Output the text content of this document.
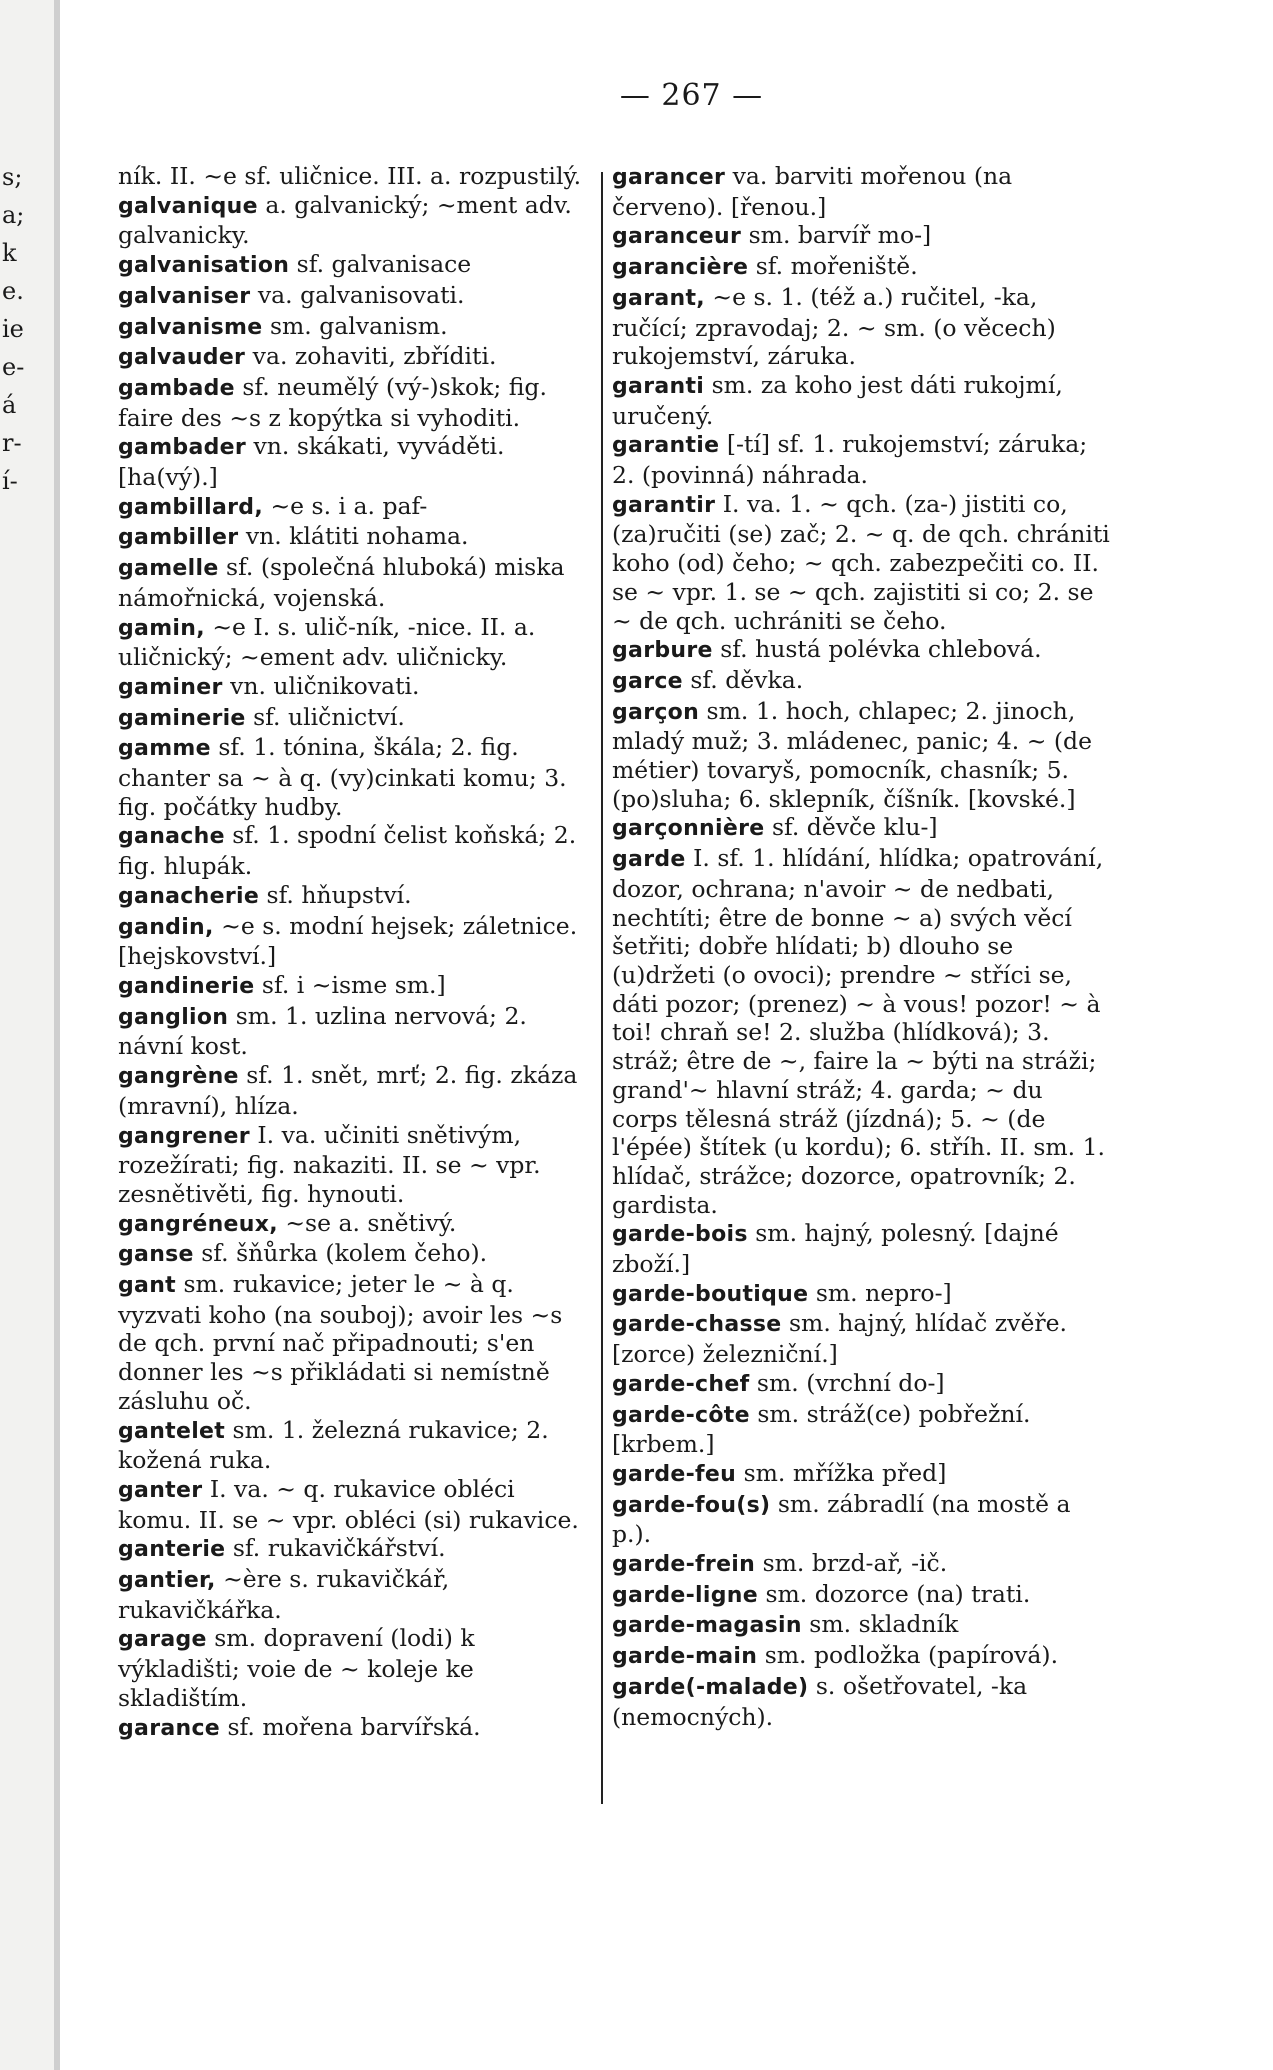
s;
a;
k
e.
ie
e-
á
r-
í-
— 267 —

ník. II. ~e sf. uličnice. III. a. rozpustilý.

galvanique a. galvanický; ~ment adv. galvanicky.

galvanisation sf. galvanisace

galvaniser va. galvanisovati.

galvanisme sm. galvanism.

galvauder va. zohaviti, zbříditi.

gambade sf. neumělý (vý-)skok; fig. faire des ~s z kopýtka si vyhoditi.

gambader vn. skákati, vyváděti. [ha(vý).]

gambillard, ~e s. i a. paf-

gambiller vn. klátiti nohama.

gamelle sf. (společná hluboká) miska námořnická, vojenská.

gamin, ~e I. s. ulič-ník, -nice. II. a. uličnický; ~ement adv. uličnicky.

gaminer vn. uličnikovati.

gaminerie sf. uličnictví.

gamme sf. 1. tónina, škála; 2. fig. chanter sa ~ à q. (vy)cinkati komu; 3. fig. počátky hudby.

ganache sf. 1. spodní čelist koňská; 2. fig. hlupák.

ganacherie sf. hňupství.

gandin, ~e s. modní hejsek; záletnice. [hejskovství.]

gandinerie sf. i ~isme sm.]

ganglion sm. 1. uzlina nervová; 2. návní kost.

gangrène sf. 1. snět, mrť; 2. fig. zkáza (mravní), hlíza.

gangrener I. va. učiniti snětivým, rozežírati; fig. nakaziti. II. se ~ vpr. zesnětivěti, fig. hynouti.

gangréneux, ~se a. snětivý.

ganse sf. šňůrka (kolem čeho).

gant sm. rukavice; jeter le ~ à q. vyzvati koho (na souboj); avoir les ~s de qch. první nač připadnouti; s'en donner les ~s přikládati si nemístně zásluhu oč.

gantelet sm. 1. železná rukavice; 2. kožená ruka.

ganter I. va. ~ q. rukavice obléci komu. II. se ~ vpr. obléci (si) rukavice.

ganterie sf. rukavičkářství.

gantier, ~ère s. rukavičkář, rukavičkářka.

garage sm. dopravení (lodi) k výkladišti; voie de ~ koleje ke skladištím.

garance sf. mořena barvířská.

garancer va. barviti mořenou (na červeno). [řenou.]

garanceur sm. barvíř mo-]

garancière sf. mořeniště.

garant, ~e s. 1. (též a.) ručitel, -ka, ručící; zpravodaj; 2. ~ sm. (o věcech) rukojemství, záruka.

garanti sm. za koho jest dáti rukojmí, uručený.

garantie [-tí] sf. 1. rukojemství; záruka; 2. (povinná) náhrada.

garantir I. va. 1. ~ qch. (za-) jistiti co, (za)ručiti (se) zač; 2. ~ q. de qch. chrániti koho (od) čeho; ~ qch. zabezpečiti co. II. se ~ vpr. 1. se ~ qch. zajistiti si co; 2. se ~ de qch. uchrániti se čeho.

garbure sf. hustá polévka chlebová.

garce sf. děvka.

garçon sm. 1. hoch, chlapec; 2. jinoch, mladý muž; 3. mládenec, panic; 4. ~ (de métier) tovaryš, pomocník, chasník; 5. (po)sluha; 6. sklepník, číšník. [kovské.]

garçonnière sf. děvče klu-]

garde I. sf. 1. hlídání, hlídka; opatrování, dozor, ochrana; n'avoir ~ de nedbati, nechtíti; être de bonne ~ a) svých věcí šetřiti; dobře hlídati; b) dlouho se (u)držeti (o ovoci); prendre ~ stříci se, dáti pozor; (prenez) ~ à vous! pozor! ~ à toi! chraň se! 2. služba (hlídková); 3. stráž; être de ~, faire la ~ býti na stráži; grand'~ hlavní stráž; 4. garda; ~ du corps tělesná stráž (jízdná); 5. ~ (de l'épée) štítek (u kordu); 6. stříh. II. sm. 1. hlídač, strážce; dozorce, opatrovník; 2. gardista.

garde-bois sm. hajný, polesný. [dajné zboží.]

garde-boutique sm. nepro-]

garde-chasse sm. hajný, hlídač zvěře. [zorce) železniční.]

garde-chef sm. (vrchní do-]

garde-côte sm. stráž(ce) pobřežní. [krbem.]

garde-feu sm. mřížka před]

garde-fou(s) sm. zábradlí (na mostě a p.).

garde-frein sm. brzd-ař, -ič.

garde-ligne sm. dozorce (na) trati.

garde-magasin sm. skladník

garde-main sm. podložka (papírová).

garde(-malade) s. ošetřovatel, -ka (nemocných).
